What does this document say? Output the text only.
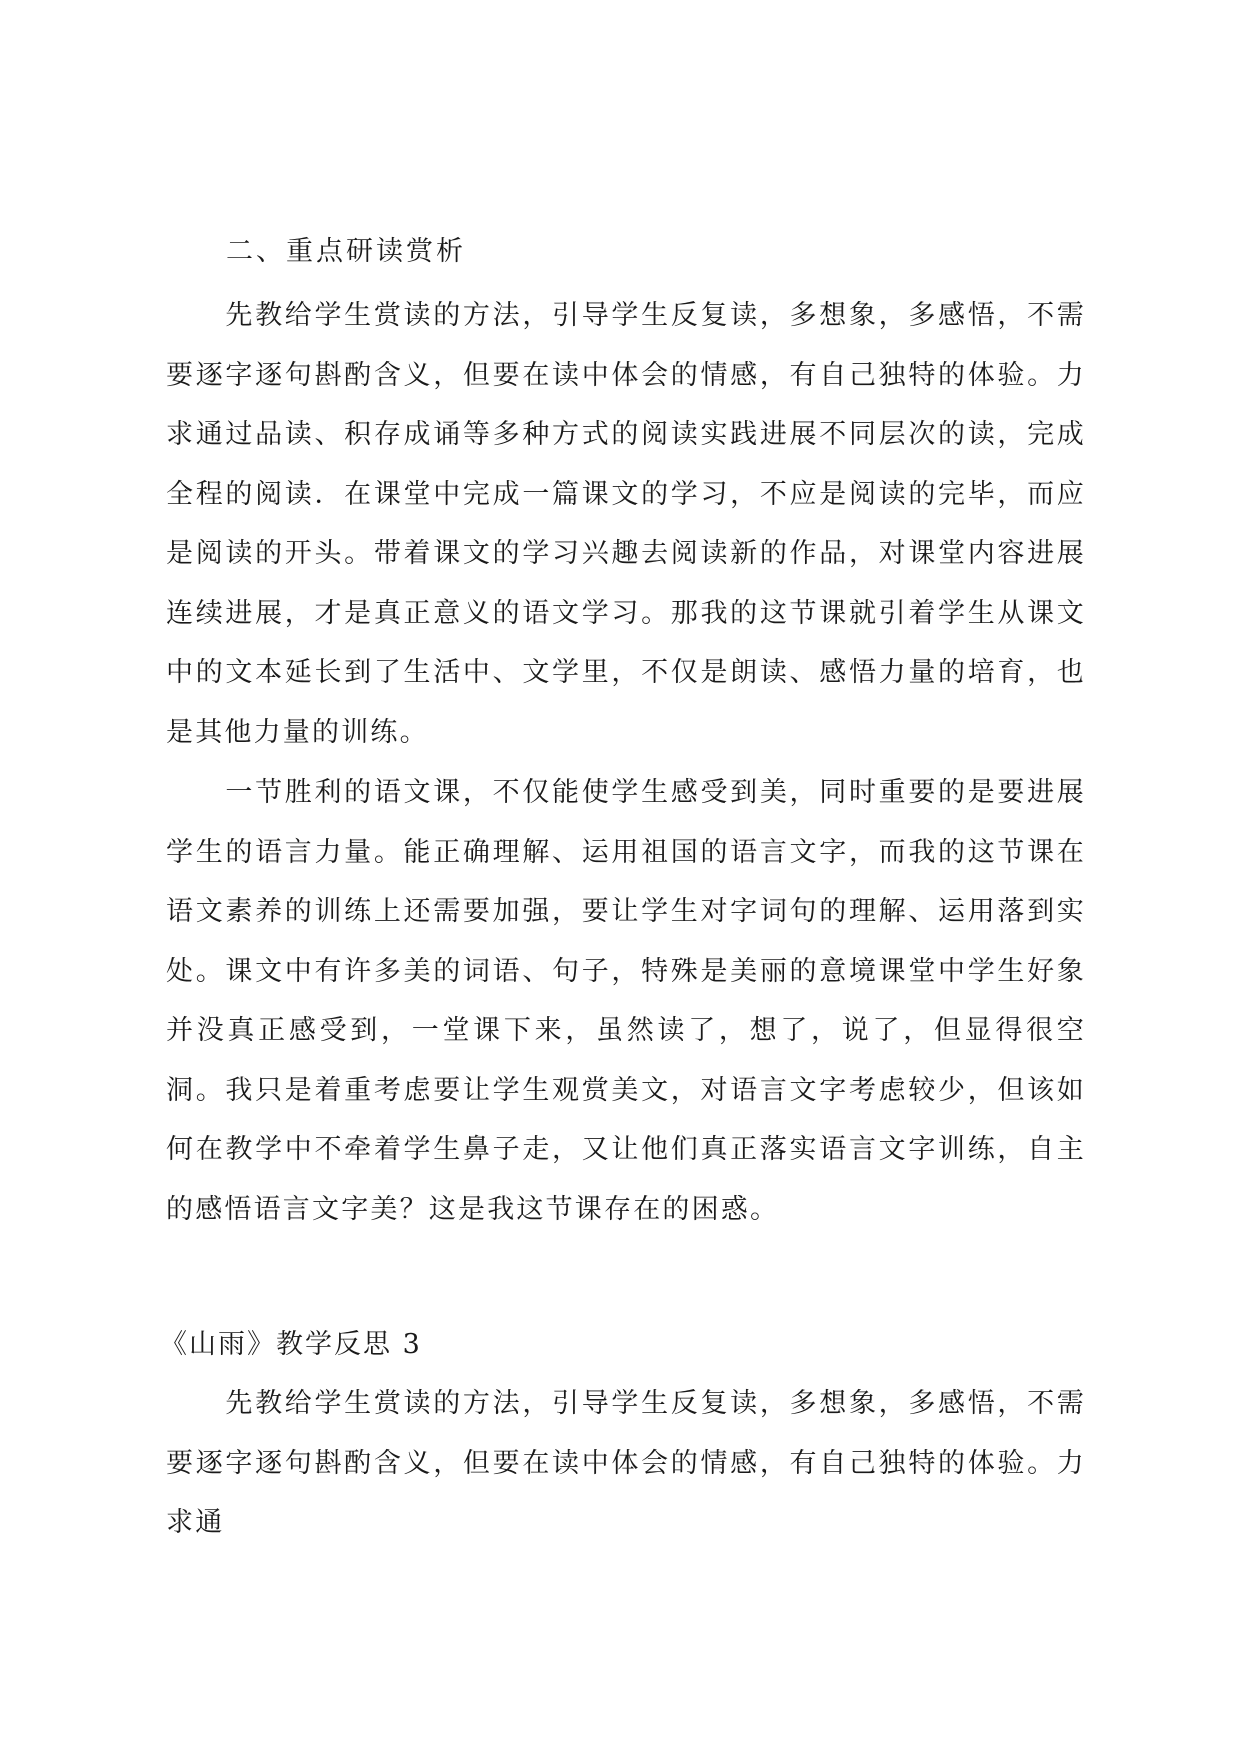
二、重点研读赏析

　　先教给学生赏读的方法，引导学生反复读，多想象，多感悟，不需要逐字逐句斟酌含义，但要在读中体会的情感，有自己独特的体验。力求通过品读、积存成诵等多种方式的阅读实践进展不同层次的读，完成全程的阅读．在课堂中完成一篇课文的学习，不应是阅读的完毕，而应是阅读的开头。带着课文的学习兴趣去阅读新的作品，对课堂内容进展连续进展，才是真正意义的语文学习。那我的这节课就引着学生从课文中的文本延长到了生活中、文学里，不仅是朗读、感悟力量的培育，也是其他力量的训练。

　　一节胜利的语文课，不仅能使学生感受到美，同时重要的是要进展学生的语言力量。能正确理解、运用祖国的语言文字，而我的这节课在语文素养的训练上还需要加强，要让学生对字词句的理解、运用落到实处。课文中有许多美的词语、句子，特殊是美丽的意境课堂中学生好象并没真正感受到，一堂课下来，虽然读了，想了，说了，但显得很空洞。我只是着重考虑要让学生观赏美文，对语言文字考虑较少，但该如何在教学中不牵着学生鼻子走，又让他们真正落实语言文字训练，自主的感悟语言文字美？这是我这节课存在的困惑。

《山雨》教学反思 3

　　先教给学生赏读的方法，引导学生反复读，多想象，多感悟，不需要逐字逐句斟酌含义，但要在读中体会的情感，有自己独特的体验。力求通
